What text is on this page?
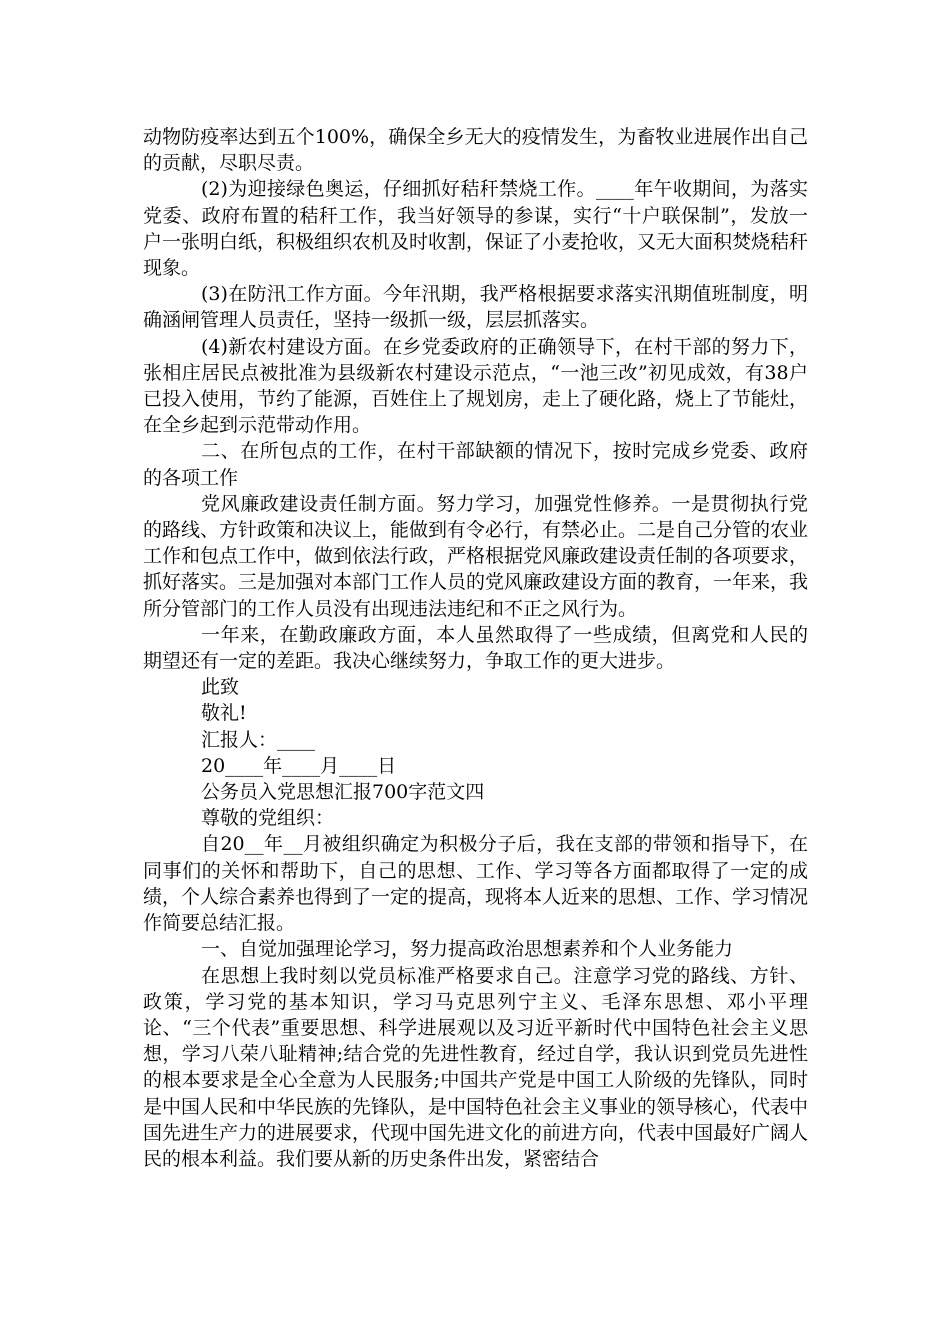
动物防疫率达到五个100%，确保全乡无大的疫情发生，为畜牧业进展作出自己的贡献，尽职尽责。

(2)为迎接绿色奥运，仔细抓好秸秆禁烧工作。____年午收期间，为落实党委、政府布置的秸秆工作，我当好领导的参谋，实行“十户联保制”，发放一户一张明白纸，积极组织农机及时收割，保证了小麦抢收，又无大面积焚烧秸秆现象。

(3)在防汛工作方面。今年汛期，我严格根据要求落实汛期值班制度，明确涵闸管理人员责任，坚持一级抓一级，层层抓落实。

(4)新农村建设方面。在乡党委政府的正确领导下，在村干部的努力下，张相庄居民点被批准为县级新农村建设示范点，“一池三改”初见成效，有38户已投入使用，节约了能源，百姓住上了规划房，走上了硬化路，烧上了节能灶，在全乡起到示范带动作用。

二、在所包点的工作，在村干部缺额的情况下，按时完成乡党委、政府的各项工作

党风廉政建设责任制方面。努力学习，加强党性修养。一是贯彻执行党的路线、方针政策和决议上，能做到有令必行，有禁必止。二是自己分管的农业工作和包点工作中，做到依法行政，严格根据党风廉政建设责任制的各项要求，抓好落实。三是加强对本部门工作人员的党风廉政建设方面的教育，一年来，我所分管部门的工作人员没有出现违法违纪和不正之风行为。

一年来，在勤政廉政方面，本人虽然取得了一些成绩，但离党和人民的期望还有一定的差距。我决心继续努力，争取工作的更大进步。

此致

敬礼!

汇报人：____

20____年____月____日

公务员入党思想汇报700字范文四

尊敬的党组织：

自20__年__月被组织确定为积极分子后，我在支部的带领和指导下，在同事们的关怀和帮助下，自己的思想、工作、学习等各方面都取得了一定的成绩，个人综合素养也得到了一定的提高，现将本人近来的思想、工作、学习情况作简要总结汇报。

一、自觉加强理论学习，努力提高政治思想素养和个人业务能力

在思想上我时刻以党员标准严格要求自己。注意学习党的路线、方针、政策，学习党的基本知识，学习马克思列宁主义、毛泽东思想、邓小平理论、“三个代表”重要思想、科学进展观以及习近平新时代中国特色社会主义思想，学习八荣八耻精神;结合党的先进性教育，经过自学，我认识到党员先进性的根本要求是全心全意为人民服务;中国共产党是中国工人阶级的先锋队，同时是中国人民和中华民族的先锋队，是中国特色社会主义事业的领导核心，代表中国先进生产力的进展要求，代现中国先进文化的前进方向，代表中国最好广阔人民的根本利益。我们要从新的历史条件出发，紧密结合
